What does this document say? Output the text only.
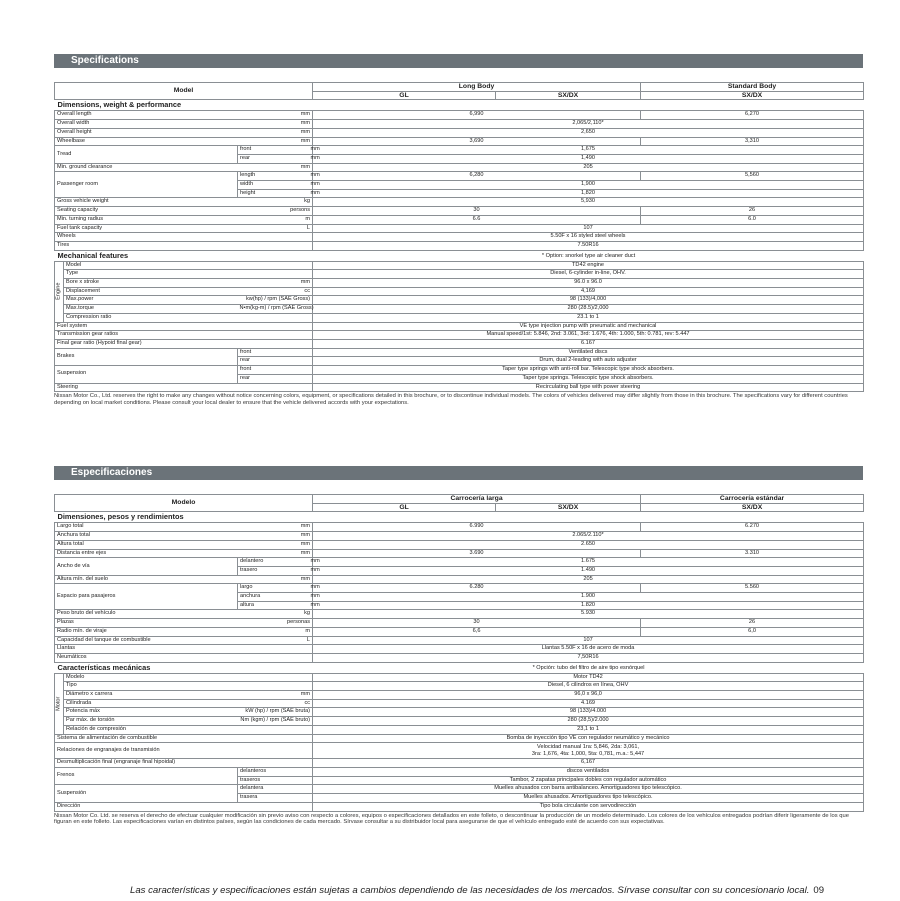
Specifications
Model				Long Body		Standard Body
				GL	SX/DX	SX/DX
Dimensions, weight & performance						
Overall length		mm		6,990		6,270
Overall width		mm		2,065/2,110*		
Overall height		mm		2,650		
Wheelbase		mm		3,690		3,310
Tread		front	mm	1,675		
		rear	mm	1,490		
Min. ground clearance		mm		205		
Passenger room		length	mm	6,280		5,560
		width	mm	1,900		
		height	mm	1,820		
Gross vehicle weight		kg		5,930		
Seating capacity		persons		30		26
Min. turning radius		m		6.6		6.0
Fuel tank capacity		L		107		
Wheels				5.50F x 16 styled steel wheels		
Tires				7.50R16		
Mechanical features				* Option: snorkel type air cleaner duct		
Engine	Model			TD42 engine		
	Type			Diesel, 6-cylinder in-line, OHV.		
	Bore x stroke	mm		96.0 x 96.0		
	Displacement	cc		4,169		
	Max.power	kw(hp) / rpm (SAE Gross)		98 (133)/4,000		
	Max.torque	N•m(kg-m) / rpm (SAE Gross)		280 (28.5)/2,000		
	Compression ratio			23.1 to 1		
Fuel system				VE type injection pump with pneumatic and mechanical		
Transmission gear ratios				Manual speed/1st: 5.846, 2nd: 3.061, 3rd: 1.676, 4th: 1.000, 5th: 0.781, rev: 5.447		
Final gear ratio (Hypoid final gear)				6.167		
Brakes		front		Ventilated discs		
		rear		Drum, dual 2-leading with auto adjuster		
Suspension		front		Taper type springs with anti-roll bar. Telescopic type shock absorbers.		
		rear		Taper type springs. Telescopic type shock absorbers.		
Steering				Recirculating ball type with power steering		
Nissan Motor Co., Ltd. reserves the right to make any changes without notice concerning colors, equipment, or specifications detailed in this brochure, or to discontinue individual models. The colors of vehicles delivered may differ slightly from those in this brochure. The specifications vary for different countries depending on local market conditions. Please consult your local dealer to ensure that the vehicle delivered accords with your expectations.
Especificaciones
Modelo				Carrocería larga		Carrocería estándar
				GL	SX/DX	SX/DX
Dimensiones, pesos y rendimientos						
Largo total		mm		6.990		6.270
Anchura total		mm		2.065/2.110*		
Altura total		mm		2.650		
Distancia entre ejes		mm		3.690		3.310
Ancho de vía		delantero	mm	1.675		
		trasero	mm	1.490		
Altura mín. del suelo		mm		205		
Espacio para pasajeros		largo	mm	6.280		5.560
		anchura	mm	1.900		
		altura	mm	1.820		
Peso bruto del vehículo		kg		5.930		
Plazas		personas		30		26
Radio mín. de viraje		m		6,6		6,0
Capacidad del tanque de combustible		L		107		
Llantas				Llantas 5.50F x 16 de acero de moda		
Neumáticos				7,50R16		
Características mecánicas				* Opción: tubo del filtro de aire tipo esnórquel		
Motor	Modelo			Motor TD42		
	Tipo			Diesel, 6 cilindros en línea, OHV		
	Diámetro x carrera	mm		96,0 x 96,0		
	Cilindrada	cc		4.169		
	Potencia máx	kW (hp) / rpm (SAE bruta)		98 (133)/4.000		
	Par máx. de torsión	Nm (kgm) / rpm (SAE bruto)		280 (28,5)/2.000		
	Relación de compresión			23,1 to 1		
Sistema de alimentación de combustible				Bomba de inyección tipo VE con regulador neumático y mecánico		
Relaciones de engranajes de transmisión				Velocidad manual 1ra: 5,846, 2da: 3,061,
3ra: 1,676, 4ta: 1,000, 5ta: 0,781, m.a.: 5,447		
Desmultiplicación final (engranaje final hipoidal)				6,167		
Frenos		delanteros		discos ventilados		
		traseros		Tambor, 2 zapatas principales dobles con regulador automático		
Suspensión		delantera		Muelles ahusados con barra antibalanceo. Amortiguadores tipo telescópico.		
		trasera		Muelles ahusados. Amortiguadores tipo telescópico.		
Dirección				Tipo bola circulante con servodirección		
Nissan Motor Co. Ltd. se reserva el derecho de efectuar cualquier modificación sin previo aviso con respecto a colores, equipos o especificaciones detallados en este folleto, o descontinuar la producción de un modelo determinado. Los colores de los vehículos entregados podrían diferir ligeramente de los que figuran en este folleto. Las especificaciones varían en distintos países, según las condiciones de cada mercado. Sírvase consultar a su distribuidor local para asegurarse de que el vehículo entregado esté de acuerdo con sus expectativas.
Las características y especificaciones están sujetas a cambios dependiendo de las necesidades de los mercados. Sírvase consultar con su concesionario local. 09
